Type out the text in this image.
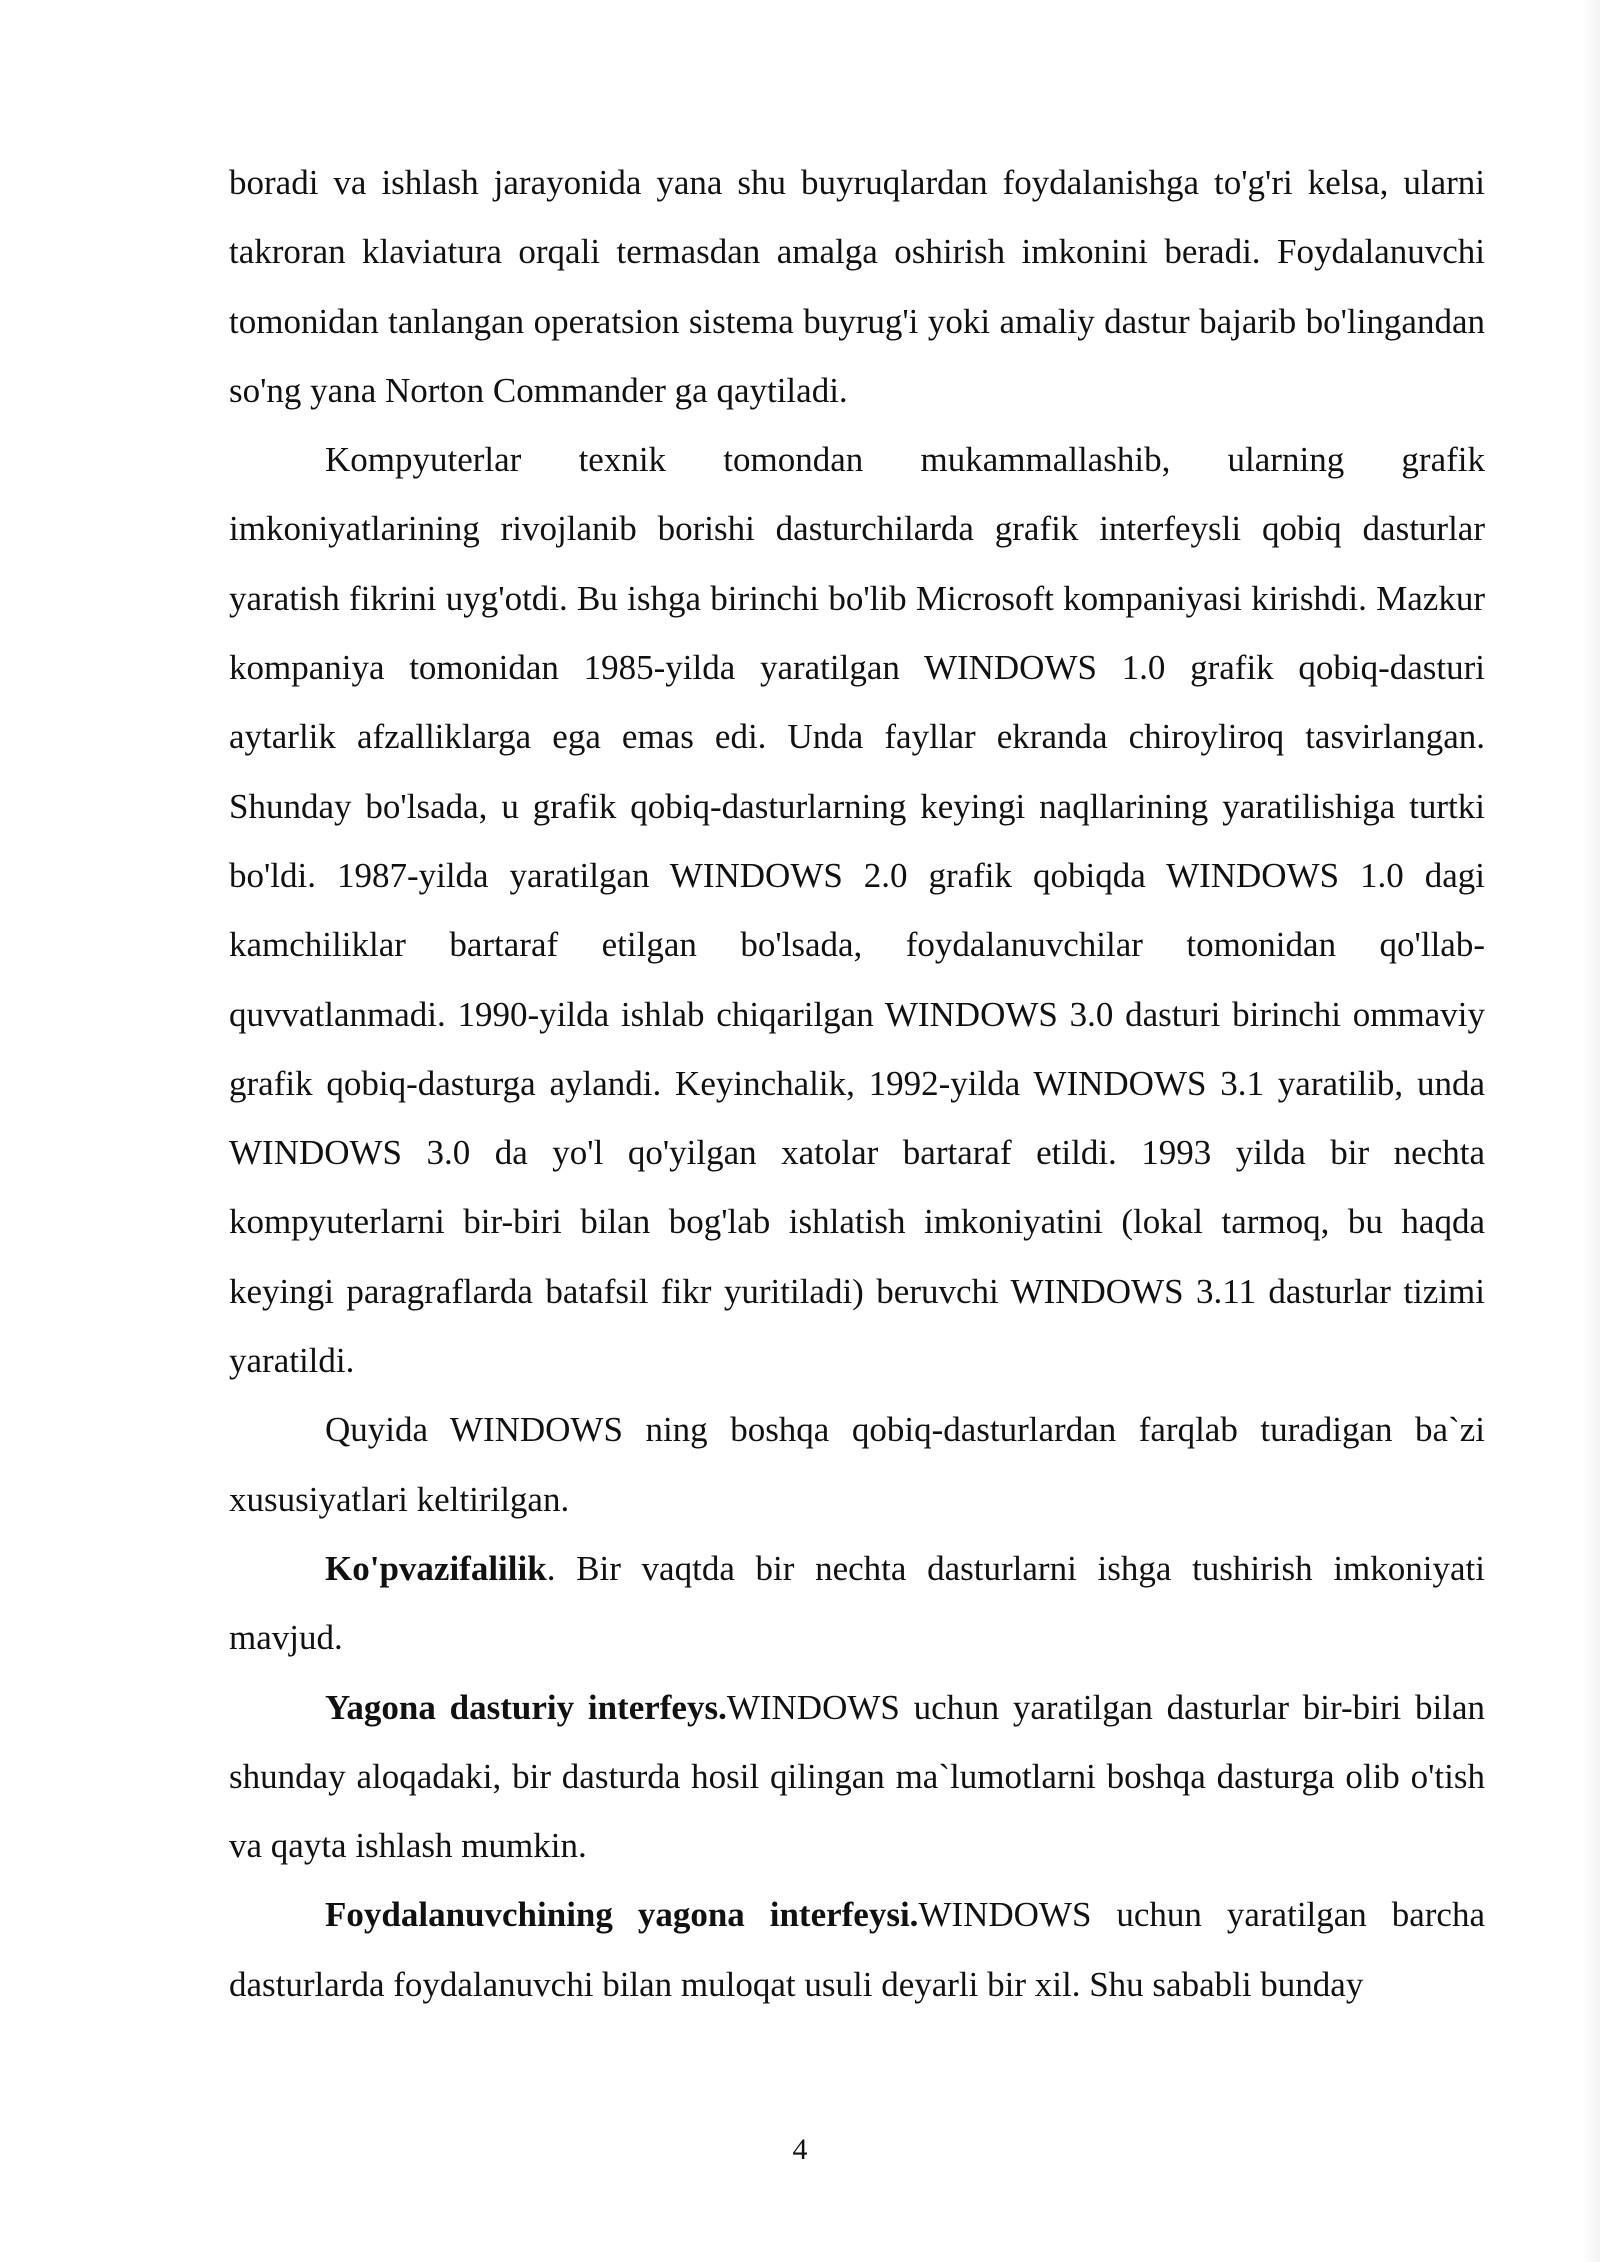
boradi va ishlash jarayonida yana shu buyruqlardan foydalanishga to'g'ri kelsa, ularni takroran klaviatura orqali termasdan amalga oshirish imkonini beradi. Foydalanuvchi tomonidan tanlangan operatsion sistema buyrug'i yoki amaliy dastur bajarib bo'lingandan so'ng yana Norton Commander ga qaytiladi.

Kompyuterlar texnik tomondan mukammallashib, ularning grafik imkoniyatlarining rivojlanib borishi dasturchilarda grafik interfeysli qobiq dasturlar yaratish fikrini uyg'otdi. Bu ishga birinchi bo'lib Microsoft kompaniyasi kirishdi. Mazkur kompaniya tomonidan 1985-yilda yaratilgan WINDOWS 1.0 grafik qobiq-dasturi aytarlik afzalliklarga ega emas edi. Unda fayllar ekranda chiroyliroq tasvirlangan. Shunday bo'lsada, u grafik qobiq-dasturlarning keyingi naqllarining yaratilishiga turtki bo'ldi. 1987-yilda yaratilgan WINDOWS 2.0 grafik qobiqda WINDOWS 1.0 dagi kamchiliklar bartaraf etilgan bo'lsada, foydalanuvchilar tomonidan qo'llab-quvvatlanmadi. 1990-yilda ishlab chiqarilgan WINDOWS 3.0 dasturi birinchi ommaviy grafik qobiq-dasturga aylandi. Keyinchalik, 1992-yilda WINDOWS 3.1 yaratilib, unda WINDOWS 3.0 da yo'l qo'yilgan xatolar bartaraf etildi. 1993 yilda bir nechta kompyuterlarni bir-biri bilan bog'lab ishlatish imkoniyatini (lokal tarmoq, bu haqda keyingi paragraflarda batafsil fikr yuritiladi) beruvchi WINDOWS 3.11 dasturlar tizimi yaratildi.

Quyida WINDOWS ning boshqa qobiq-dasturlardan farqlab turadigan ba`zi xususiyatlari keltirilgan.

Ko'pvazifalilik. Bir vaqtda bir nechta dasturlarni ishga tushirish imkoniyati mavjud.

Yagona dasturiy interfeys.WINDOWS uchun yaratilgan dasturlar bir-biri bilan shunday aloqadaki, bir dasturda hosil qilingan ma`lumotlarni boshqa dasturga olib o'tish va qayta ishlash mumkin.

Foydalanuvchining yagona interfeysi.WINDOWS uchun yaratilgan barcha dasturlarda foydalanuvchi bilan muloqat usuli deyarli bir xil. Shu sababli bunday

4
